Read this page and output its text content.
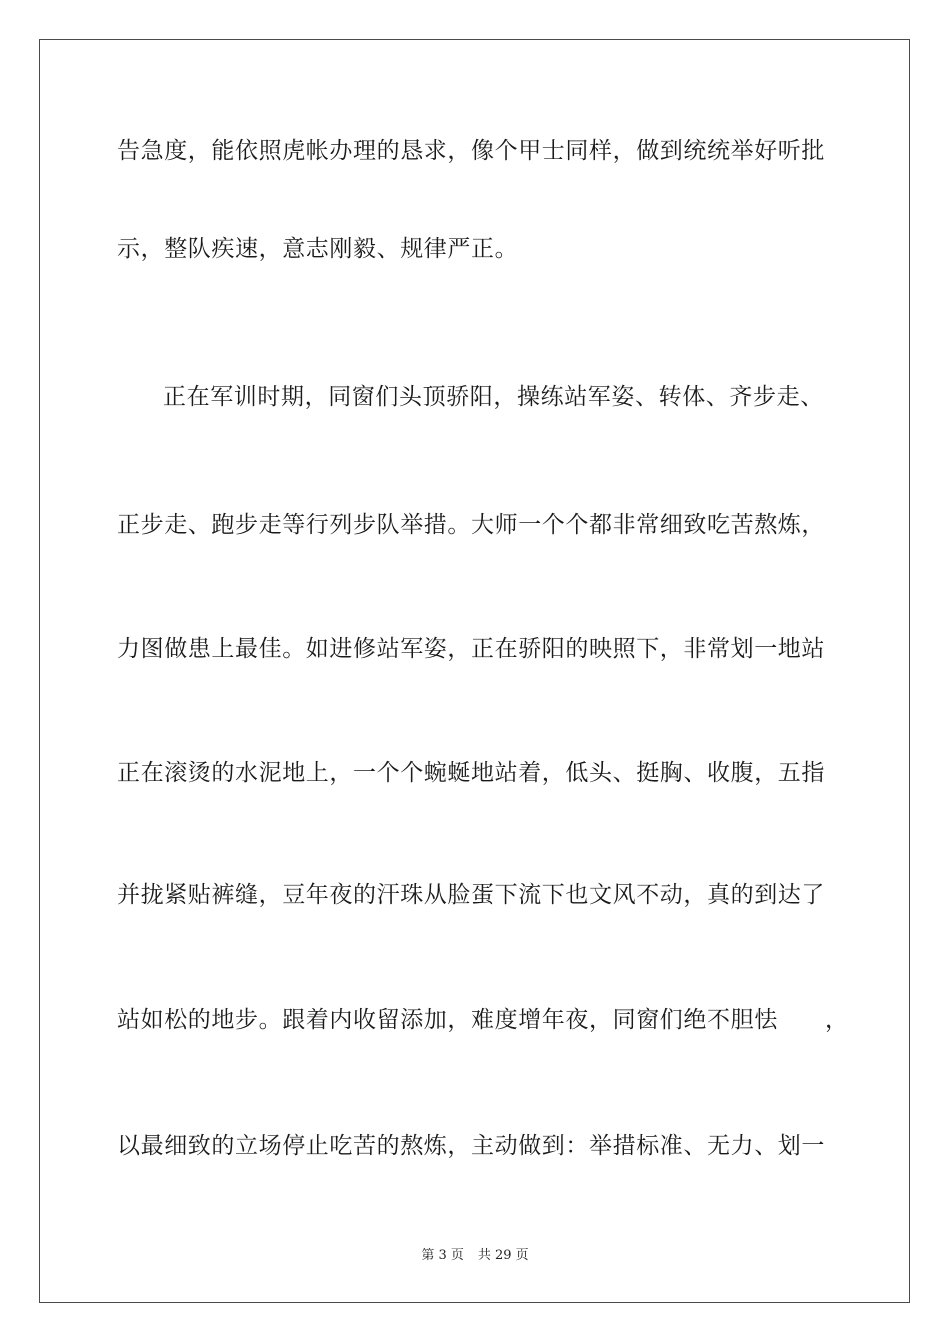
告急度，能依照虎帐办理的恳求，像个甲士同样，做到统统举好听批
示，整队疾速，意志刚毅、规律严正。
正在军训时期，同窗们头顶骄阳，操练站军姿、转体、齐步走、
正步走、跑步走等行列步队举措。大师一个个都非常细致吃苦熬炼，
力图做患上最佳。如进修站军姿，正在骄阳的映照下，非常划一地站
正在滚烫的水泥地上，一个个蜿蜒地站着，低头、挺胸、收腹，五指
并拢紧贴裤缝，豆年夜的汗珠从脸蛋下流下也文风不动，真的到达了
站如松的地步。跟着内收留添加，难度增年夜，同窗们绝不胆怯　　，
以最细致的立场停止吃苦的熬炼，主动做到：举措标准、无力、划一
第 3 页 共 29 页
